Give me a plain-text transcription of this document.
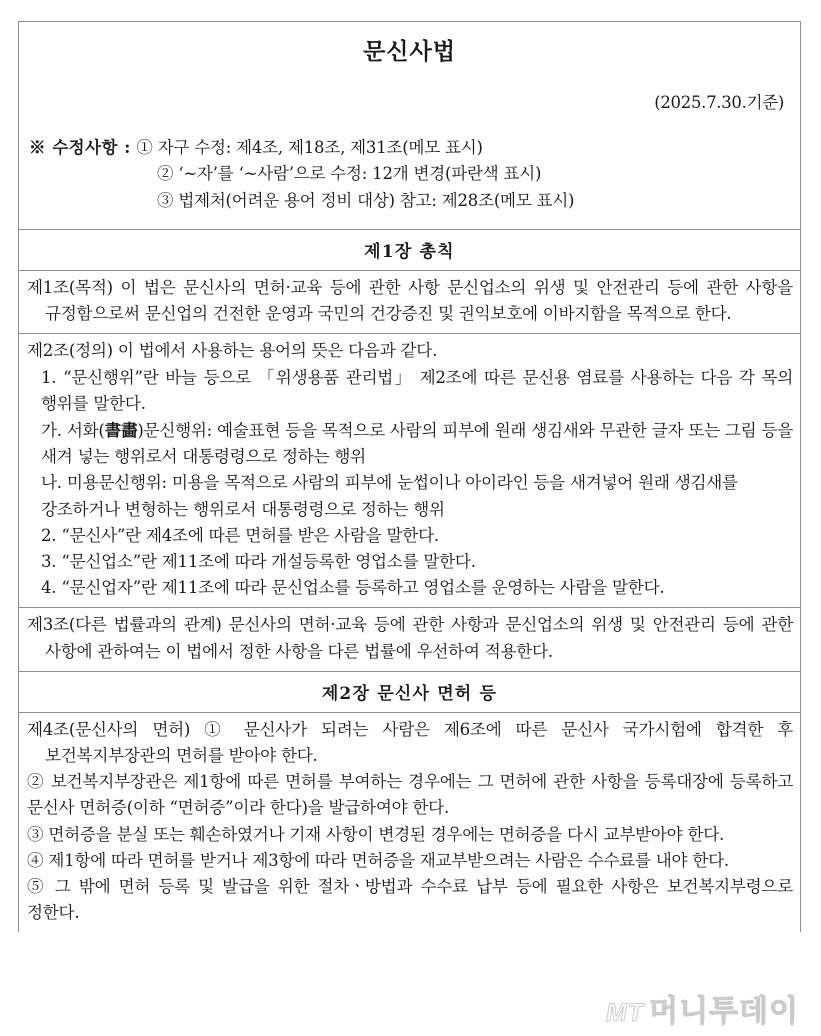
문신사법
(2025.7.30.기준)
※ 수정사항 : ① 자구 수정: 제4조, 제18조, 제31조(메모 표시)
② ‘~자’를 ‘~사람’으로 수정: 12개 변경(파란색 표시)
③ 법제처(어려운 용어 정비 대상) 참고: 제28조(메모 표시)
제1장 총칙

제1조(목적) 이 법은 문신사의 면허·교육 등에 관한 사항 문신업소의 위생 및 안전관리 등에 관한 사항을 규정함으로써 문신업의 건전한 운영과 국민의 건강증진 및 권익보호에 이바지함을 목적으로 한다.

제2조(정의) 이 법에서 사용하는 용어의 뜻은 다음과 같다.

1. “문신행위”란 바늘 등으로 「위생용품 관리법」 제2조에 따른 문신용 염료를 사용하는 다음 각 목의 행위를 말한다.

가. 서화(書畵)문신행위: 예술표현 등을 목적으로 사람의 피부에 원래 생김새와 무관한 글자 또는 그림 등을 새겨 넣는 행위로서 대통령령으로 정하는 행위

나. 미용문신행위: 미용을 목적으로 사람의 피부에 눈썹이나 아이라인 등을 새겨넣어 원래 생김새를 강조하거나 변형하는 행위로서 대통령령으로 정하는 행위

2. “문신사”란 제4조에 따른 면허를 받은 사람을 말한다.

3. “문신업소”란 제11조에 따라 개설등록한 영업소를 말한다.

4. “문신업자”란 제11조에 따라 문신업소를 등록하고 영업소를 운영하는 사람을 말한다.

제3조(다른 법률과의 관계) 문신사의 면허·교육 등에 관한 사항과 문신업소의 위생 및 안전관리 등에 관한 사항에 관하여는 이 법에서 정한 사항을 다른 법률에 우선하여 적용한다.

제2장 문신사 면허 등

제4조(문신사의 면허) ① 문신사가 되려는 사람은 제6조에 따른 문신사 국가시험에 합격한 후 보건복지부장관의 면허를 받아야 한다.

② 보건복지부장관은 제1항에 따른 면허를 부여하는 경우에는 그 면허에 관한 사항을 등록대장에 등록하고 문신사 면허증(이하 “면허증”이라 한다)을 발급하여야 한다.

③ 면허증을 분실 또는 훼손하였거나 기재 사항이 변경된 경우에는 면허증을 다시 교부받아야 한다.

④ 제1항에 따라 면허를 받거나 제3항에 따라 면허증을 재교부받으려는 사람은 수수료를 내야 한다.

⑤ 그 밖에 면허 등록 및 발급을 위한 절차ㆍ방법과 수수료 납부 등에 필요한 사항은 보건복지부령으로 정한다.

MT 머니투데이
